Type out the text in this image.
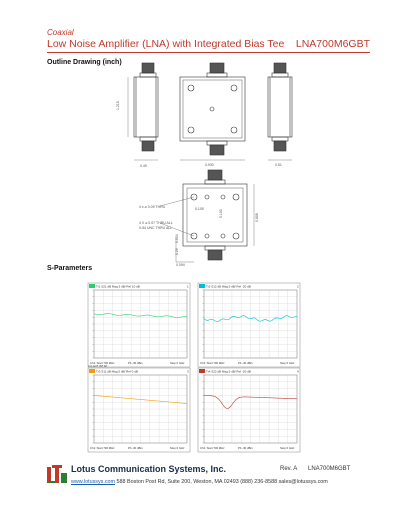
Coaxial
Low Noise Amplifier (LNA) with Integrated Bias Tee LNA700M6GBT
Outline Drawing (inch)
1.215
0.49	0.930	0.51
4 x ⌀ 0.09 THRU
4 X ⌀ 0.07 THRU ALL
0-54 UNC THRU ALL
0.105
0.100	0.808
0.054
0.20
0.094
S-Parameters
Tr1 S21 dB Mag 5 dB/ Ref 10 dB	1
Ch1: Start 700 MHz	Pb -30 dBm	Stop 6 GHz
Tr2 S12 dB Mag 5 dB/ Ref -20 dB	2
Ch1: Start 700 MHz	Pb -30 dBm	Stop 6 GHz
Tr3 S11 dB Mag 5 dB/ Ref 0 dB	3
Ch1: Start 700 MHz	Pb -30 dBm	Stop 6 GHz
Tr4 S22 dB Mag 5 dB/ Ref -20 dB	4
Ch1: Start 700 MHz	Pb -30 dBm	Stop 6 GHz
LCL EXT INT IM
Lotus Communication Systems, Inc.	Rev. A LNA700M6GBT
www.lotussys.com 588 Boston Post Rd, Suite 200, Weston, MA 02493 (888) 236-8588 sales@lotussys.com
